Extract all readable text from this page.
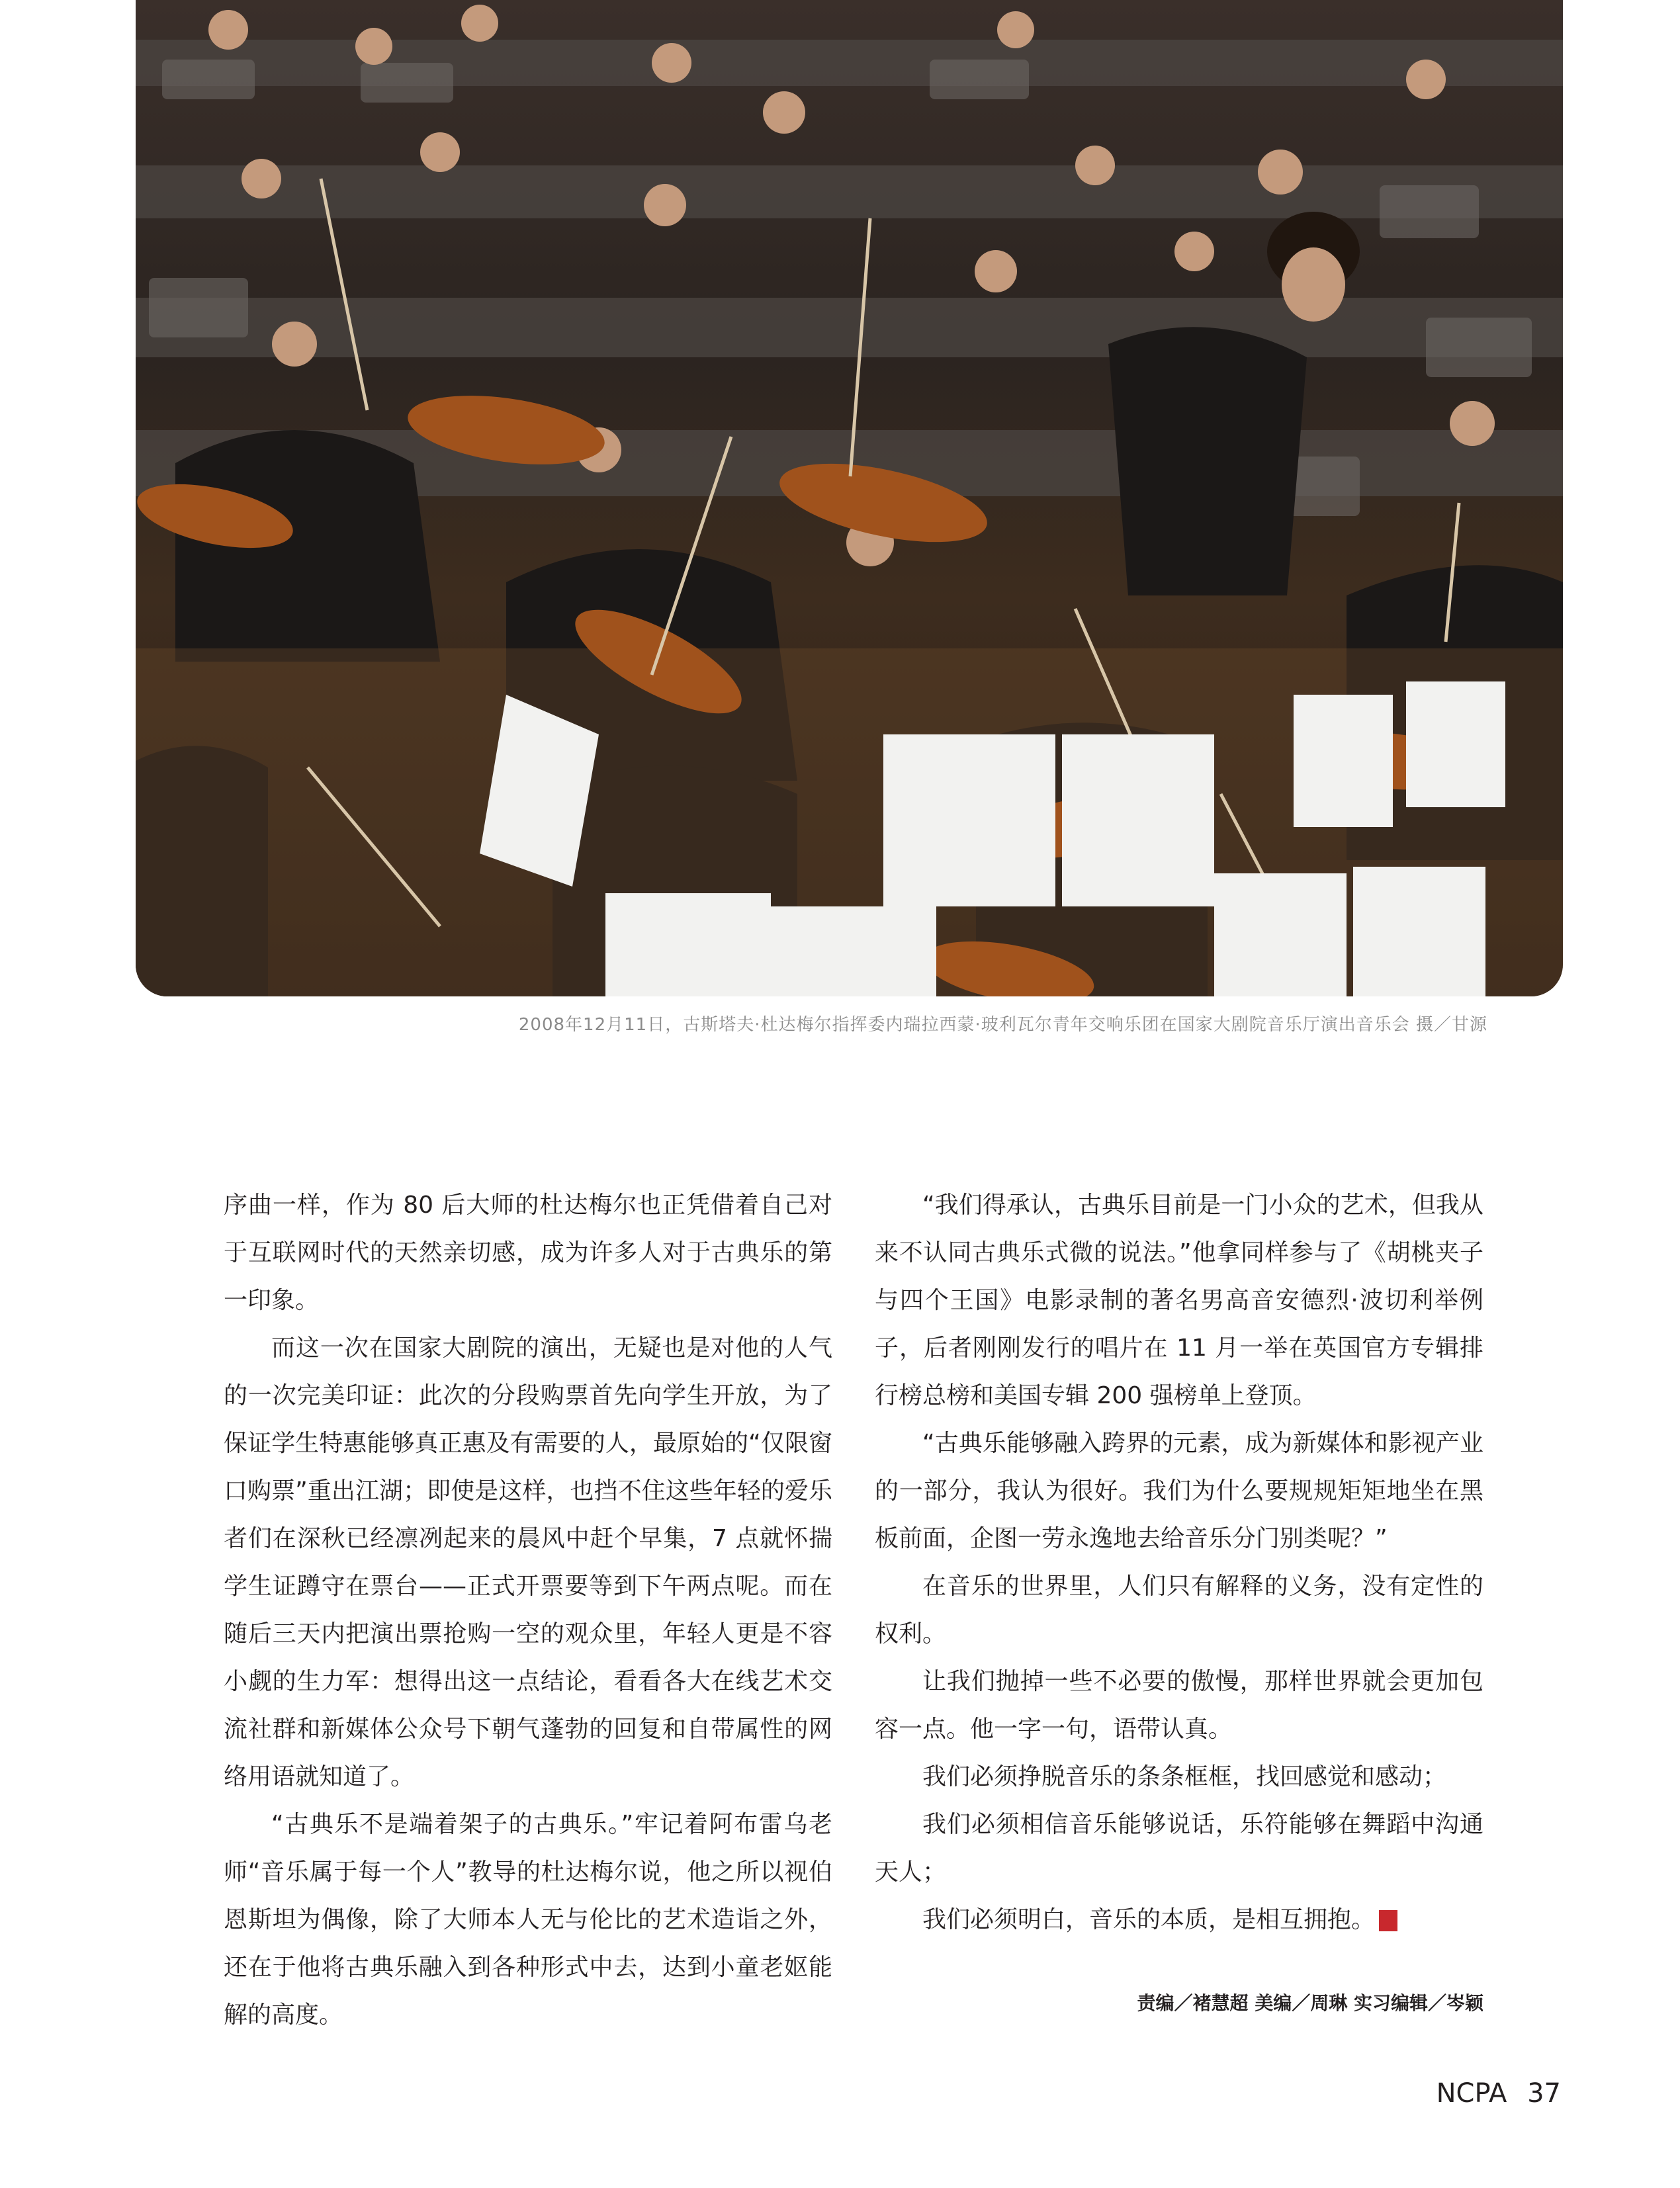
2008年12月11日，古斯塔夫·杜达梅尔指挥委内瑞拉西蒙·玻利瓦尔青年交响乐团在国家大剧院音乐厅演出音乐会 摄／甘源

序曲一样，作为 80 后大师的杜达梅尔也正凭借着自己对于互联网时代的天然亲切感，成为许多人对于古典乐的第一印象。

而这一次在国家大剧院的演出，无疑也是对他的人气的一次完美印证：此次的分段购票首先向学生开放，为了保证学生特惠能够真正惠及有需要的人，最原始的“仅限窗口购票”重出江湖；即使是这样，也挡不住这些年轻的爱乐者们在深秋已经凛冽起来的晨风中赶个早集，7 点就怀揣学生证蹲守在票台——正式开票要等到下午两点呢。而在随后三天内把演出票抢购一空的观众里，年轻人更是不容小觑的生力军：想得出这一点结论，看看各大在线艺术交流社群和新媒体公众号下朝气蓬勃的回复和自带属性的网络用语就知道了。

“古典乐不是端着架子的古典乐。”牢记着阿布雷乌老师“音乐属于每一个人”教导的杜达梅尔说，他之所以视伯恩斯坦为偶像，除了大师本人无与伦比的艺术造诣之外，还在于他将古典乐融入到各种形式中去，达到小童老妪能解的高度。

“我们得承认，古典乐目前是一门小众的艺术，但我从来不认同古典乐式微的说法。”他拿同样参与了《胡桃夹子与四个王国》电影录制的著名男高音安德烈·波切利举例子，后者刚刚发行的唱片在 11 月一举在英国官方专辑排行榜总榜和美国专辑 200 强榜单上登顶。

“古典乐能够融入跨界的元素，成为新媒体和影视产业的一部分，我认为很好。我们为什么要规规矩矩地坐在黑板前面，企图一劳永逸地去给音乐分门别类呢？”

在音乐的世界里，人们只有解释的义务，没有定性的权利。

让我们抛掉一些不必要的傲慢，那样世界就会更加包容一点。他一字一句，语带认真。

我们必须挣脱音乐的条条框框，找回感觉和感动；

我们必须相信音乐能够说话，乐符能够在舞蹈中沟通天人；

我们必须明白，音乐的本质，是相互拥抱。	NCPA

责编／褚慧超 美编／周琳 实习编辑／岑颖
NCPA 37
